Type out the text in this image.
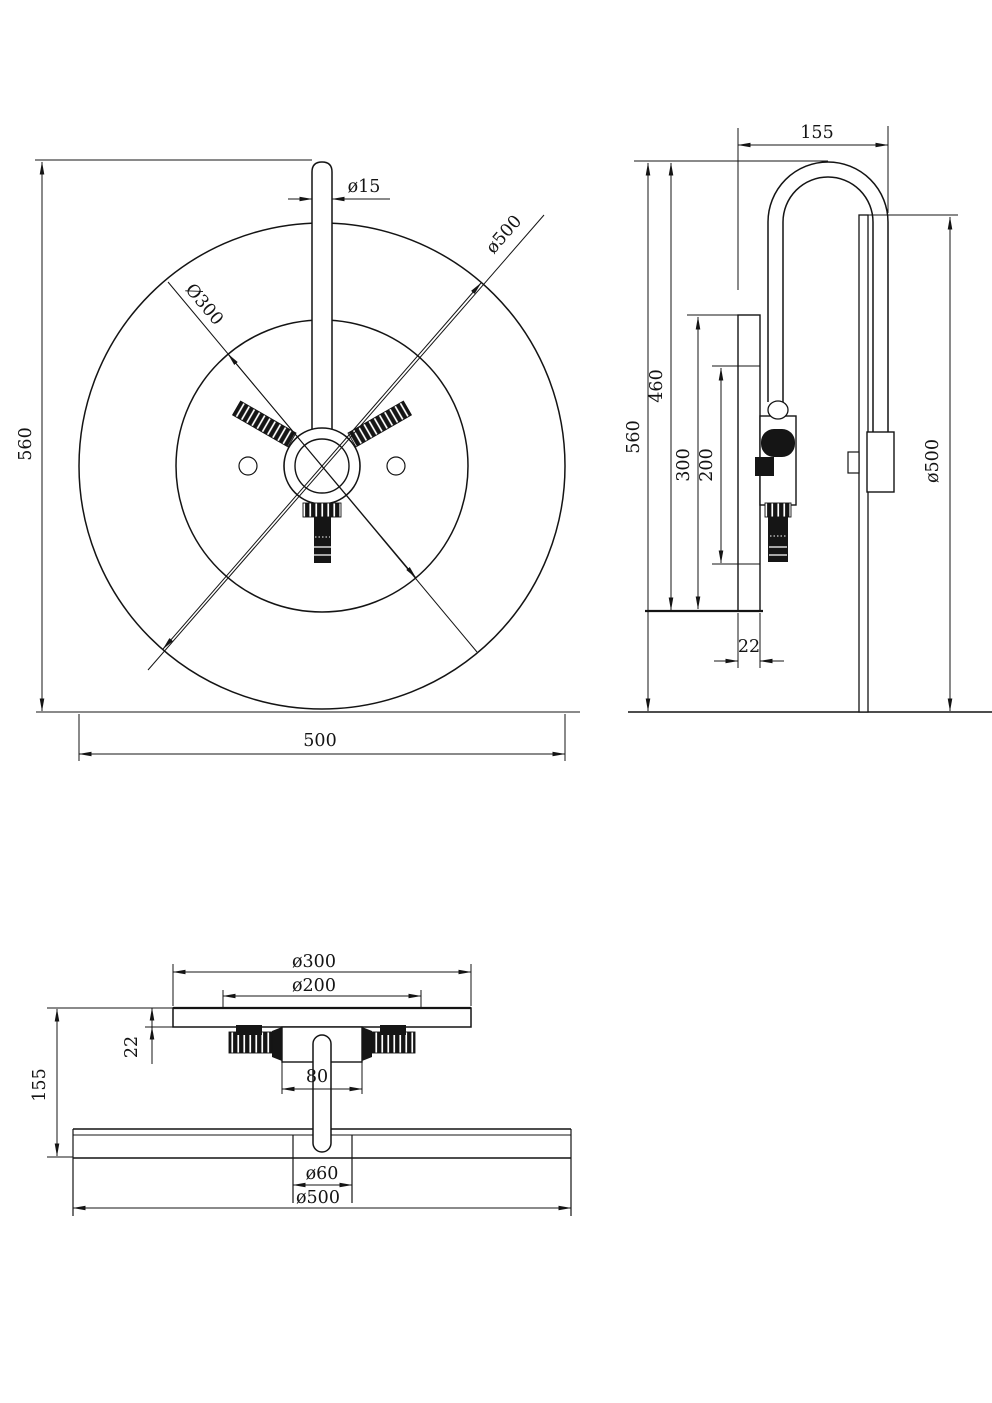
560
500
ø15
Ø300
ø500
155
560
460
300 200
22
ø500
ø300
ø200
22
155	80
ø60
ø500
